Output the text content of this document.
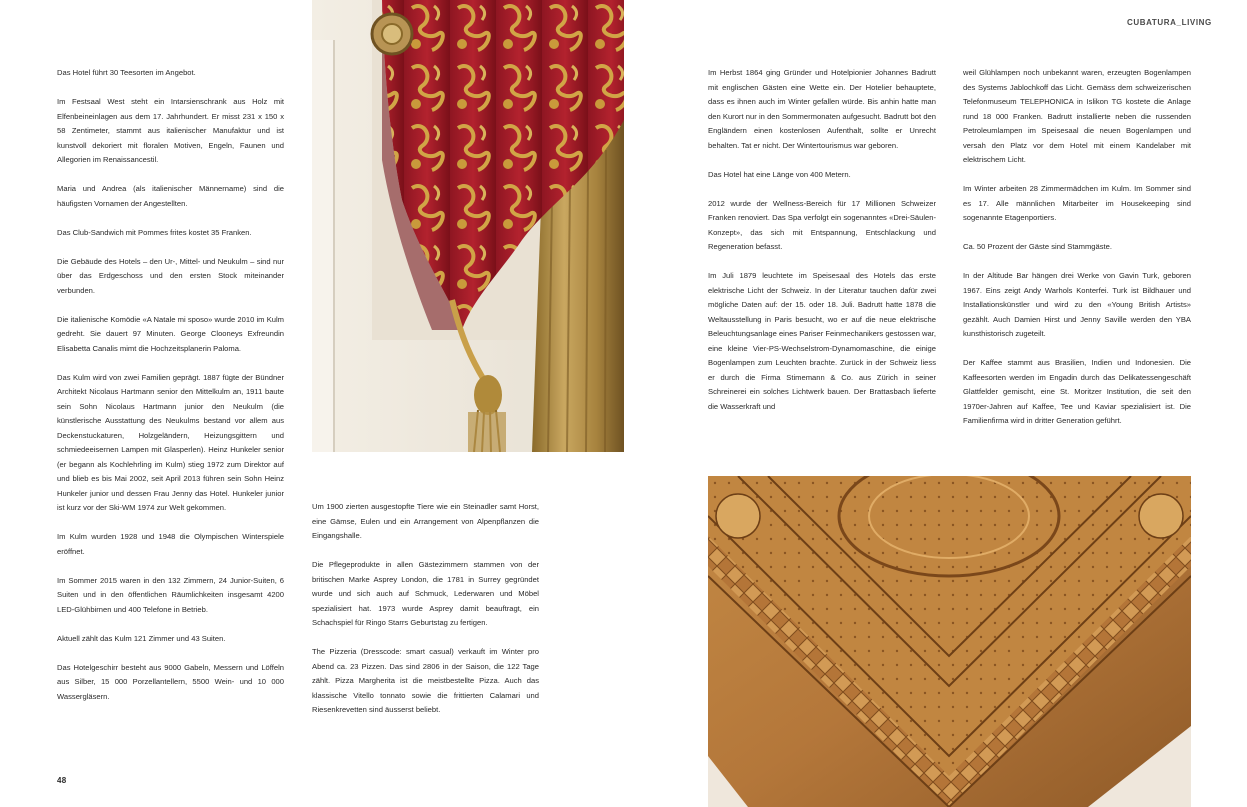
CUBATURA_LIVING

Das Hotel führt 30 Teesorten im Angebot.

Im Festsaal West steht ein Intarsienschrank aus Holz mit Elfenbeineinlagen aus dem 17. Jahrhundert. Er misst 231 x 150 x 58 Zentimeter, stammt aus italienischer Manufaktur und ist kunstvoll dekoriert mit floralen Motiven, Engeln, Faunen und Allegorien im Renaissancestil.

Maria und Andrea (als italienischer Männername) sind die häufigsten Vornamen der Angestellten.

Das Club-Sandwich mit Pommes frites kostet 35 Franken.

Die Gebäude des Hotels – den Ur-, Mittel- und Neukulm – sind nur über das Erdgeschoss und den ersten Stock miteinander verbunden.

Die italienische Komödie «A Natale mi sposo» wurde 2010 im Kulm gedreht. Sie dauert 97 Minuten. George Clooneys Exfreundin Elisabetta Canalis mimt die Hochzeitsplanerin Paloma.

Das Kulm wird von zwei Familien geprägt. 1887 fügte der Bündner Architekt Nicolaus Hartmann senior den Mittelkulm an, 1911 baute sein Sohn Nicolaus Hartmann junior den Neukulm (die künstlerische Ausstattung des Neukulms bestand vor allem aus Deckenstuckaturen, Holzgeländern, Heizungsgittern und schmiedeeisernen Lampen mit Glasperlen). Heinz Hunkeler senior (er begann als Kochlehrling im Kulm) stieg 1972 zum Direktor auf und blieb es bis Mai 2002, seit April 2013 führen sein Sohn Heinz Hunkeler junior und dessen Frau Jenny das Hotel. Hunkeler junior ist kurz vor der Ski-WM 1974 zur Welt gekommen.

Im Kulm wurden 1928 und 1948 die Olympischen Winterspiele eröffnet.

Im Sommer 2015 waren in den 132 Zimmern, 24 Junior-Suiten, 6 Suiten und in den öffentlichen Räumlichkeiten insgesamt 4200 LED-Glühbirnen und 400 Telefone in Betrieb.

Aktuell zählt das Kulm 121 Zimmer und 43 Suiten.

Das Hotelgeschirr besteht aus 9000 Gabeln, Messern und Löffeln aus Silber, 15 000 Porzellantellern, 5500 Wein- und 10 000 Wassergläsern.

Um 1900 zierten ausgestopfte Tiere wie ein Steinadler samt Horst, eine Gämse, Eulen und ein Arrangement von Alpenpflanzen die Eingangshalle.

Die Pflegeprodukte in allen Gästezimmern stammen von der britischen Marke Asprey London, die 1781 in Surrey gegründet wurde und sich auch auf Schmuck, Lederwaren und Möbel spezialisiert hat. 1973 wurde Asprey damit beauftragt, ein Schachspiel für Ringo Starrs Geburtstag zu fertigen.

The Pizzeria (Dresscode: smart casual) verkauft im Winter pro Abend ca. 23 Pizzen. Das sind 2806 in der Saison, die 122 Tage zählt. Pizza Margherita ist die meistbestellte Pizza. Auch das klassische Vitello tonnato sowie die frittierten Calamari und Riesenkrevetten sind äusserst beliebt.

Im Herbst 1864 ging Gründer und Hotelpionier Johannes Badrutt mit englischen Gästen eine Wette ein. Der Hotelier behauptete, dass es ihnen auch im Winter gefallen würde. Bis anhin hatte man den Kurort nur in den Sommermonaten aufgesucht. Badrutt bot den Engländern einen kostenlosen Aufenthalt, sollte er Unrecht behalten. Tat er nicht. Der Wintertourismus war geboren.

Das Hotel hat eine Länge von 400 Metern.

2012 wurde der Wellness-Bereich für 17 Millionen Schweizer Franken renoviert. Das Spa verfolgt ein sogenanntes «Drei-Säulen-Konzept», das sich mit Entspannung, Entschlackung und Regeneration befasst.

Im Juli 1879 leuchtete im Speisesaal des Hotels das erste elektrische Licht der Schweiz. In der Literatur tauchen dafür zwei mögliche Daten auf: der 15. oder 18. Juli. Badrutt hatte 1878 die Weltausstellung in Paris besucht, wo er auf die neue elektrische Beleuchtungsanlage eines Pariser Feinmechanikers gestossen war, eine kleine Vier-PS-Wechselstrom-Dynamomaschine, die einige Bogenlampen zum Leuchten brachte. Zurück in der Schweiz liess er durch die Firma Stimemann & Co. aus Zürich in seiner Schreinerei ein solches Lichtwerk bauen. Der Brattasbach lieferte die Wasserkraft und

weil Glühlampen noch unbekannt waren, erzeugten Bogenlampen des Systems Jablochkoff das Licht. Gemäss dem schweizerischen Telefonmuseum TELEPHONICA in Islikon TG kostete die Anlage rund 18 000 Franken. Badrutt installierte neben die russenden Petroleumlampen im Speisesaal die neuen Bogenlampen und versah den Platz vor dem Hotel mit einem Kandelaber mit elektrischem Licht.

Im Winter arbeiten 28 Zimmermädchen im Kulm. Im Sommer sind es 17. Alle männlichen Mitarbeiter im Housekeeping sind sogenannte Etagenportiers.

Ca. 50 Prozent der Gäste sind Stammgäste.

In der Altitude Bar hängen drei Werke von Gavin Turk, geboren 1967. Eins zeigt Andy Warhols Konterfei. Turk ist Bildhauer und Installationskünstler und wird zu den «Young British Artists» gezählt. Auch Damien Hirst und Jenny Saville werden den YBA kunsthistorisch zugeteilt.

Der Kaffee stammt aus Brasilien, Indien und Indonesien. Die Kaffeesorten werden im Engadin durch das Delikatessengeschäft Glattfelder gemischt, eine St. Moritzer Institution, die seit den 1970er-Jahren auf Kaffee, Tee und Kaviar spezialisiert ist. Die Familienfirma wird in dritter Generation geführt.

48
